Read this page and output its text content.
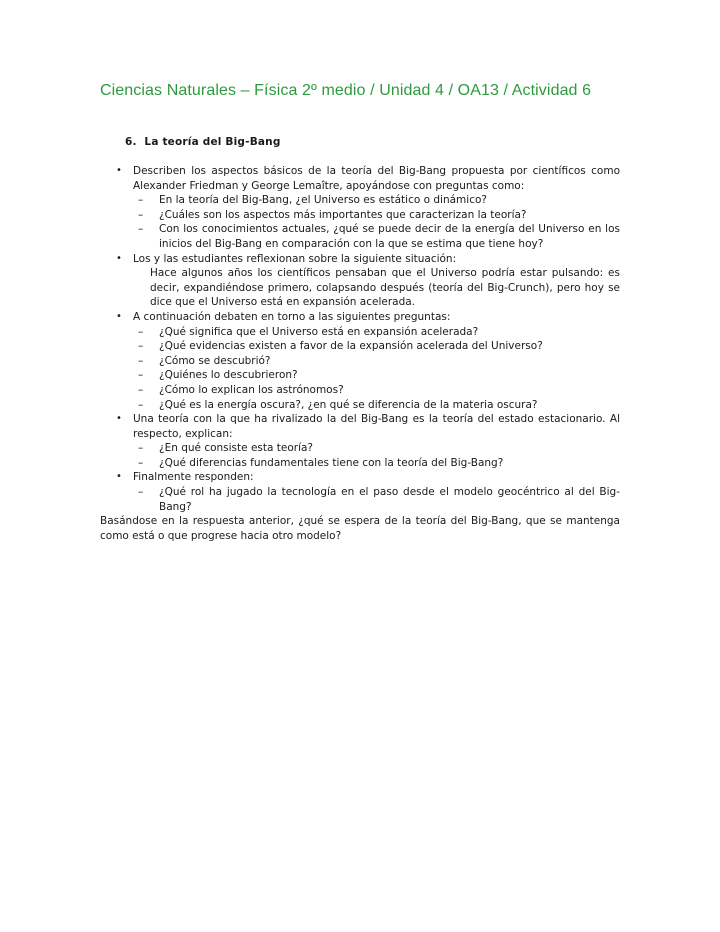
Ciencias Naturales – Física 2º medio / Unidad 4 / OA13 / Actividad 6
6. La teoría del Big-Bang

• Describen los aspectos básicos de la teoría del Big-Bang propuesta por científicos como Alexander Friedman y George Lemaître, apoyándose con preguntas como:

– En la teoría del Big-Bang, ¿el Universo es estático o dinámico?
– ¿Cuáles son los aspectos más importantes que caracterizan la teoría?
– Con los conocimientos actuales, ¿qué se puede decir de la energía del Universo en los inicios del Big-Bang en comparación con la que se estima que tiene hoy?

• Los y las estudiantes reflexionan sobre la siguiente situación:

Hace algunos años los científicos pensaban que el Universo podría estar pulsando: es decir, expandiéndose primero, colapsando después (teoría del Big-Crunch), pero hoy se dice que el Universo está en expansión acelerada.

• A continuación debaten en torno a las siguientes preguntas:

– ¿Qué significa que el Universo está en expansión acelerada?
– ¿Qué evidencias existen a favor de la expansión acelerada del Universo?
– ¿Cómo se descubrió?
– ¿Quiénes lo descubrieron?
– ¿Cómo lo explican los astrónomos?
– ¿Qué es la energía oscura?, ¿en qué se diferencia de la materia oscura?

• Una teoría con la que ha rivalizado la del Big-Bang es la teoría del estado estacionario. Al respecto, explican:

– ¿En qué consiste esta teoría?
– ¿Qué diferencias fundamentales tiene con la teoría del Big-Bang?

• Finalmente responden:

– ¿Qué rol ha jugado la tecnología en el paso desde el modelo geocéntrico al del Big-Bang?
Basándose en la respuesta anterior, ¿qué se espera de la teoría del Big-Bang, que se mantenga como está o que progrese hacia otro modelo?
